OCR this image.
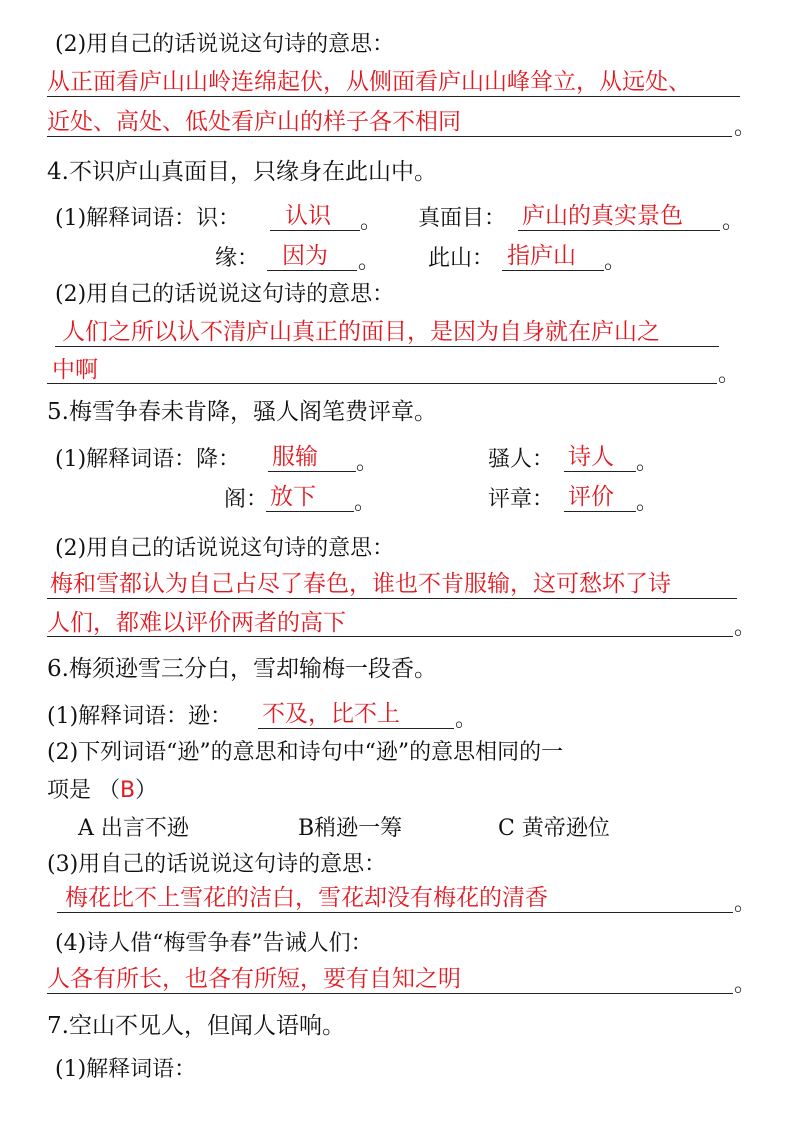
(2)用自己的话说说这句诗的意思：
从正面看庐山山岭连绵起伏，从侧面看庐山山峰耸立，从远处、
近处、高处、低处看庐山的样子各不相同	。
4.不识庐山真面目，只缘身在此山中。
(1)解释词语：识： 认识 。 真面目： 庐山的真实景色 。
缘： 因为 。 此山： 指庐山 。
(2)用自己的话说说这句诗的意思：
人们之所以认不清庐山真正的面目，是因为自身就在庐山之
中啊	。
5.梅雪争春未肯降，骚人阁笔费评章。
(1)解释词语：降： 服输 。	骚人： 诗人 。
阁： 放下 。	评章： 评价 。
(2)用自己的话说说这句诗的意思：
梅和雪都认为自己占尽了春色，谁也不肯服输，这可愁坏了诗
人们，都难以评价两者的高下	。
6.梅须逊雪三分白，雪却输梅一段香。
(1)解释词语：逊： 不及，比不上	。
(2)下列词语“逊”的意思和诗句中“逊”的意思相同的一
项是 （B）
A 出言不逊	B稍逊一筹	C 黄帝逊位
(3)用自己的话说说这句诗的意思：
梅花比不上雪花的洁白，雪花却没有梅花的清香	。
(4)诗人借“梅雪争春”告诫人们：
人各有所长，也各有所短，要有自知之明	。
7.空山不见人，但闻人语响。
(1)解释词语：
